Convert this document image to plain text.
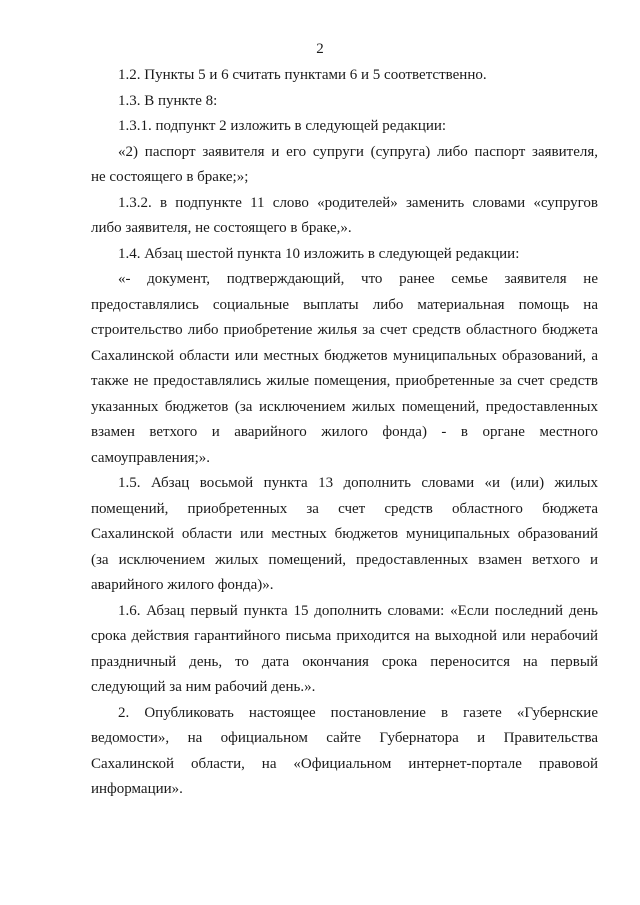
2
1.2. Пункты 5 и 6 считать пунктами 6 и 5 соответственно.
1.3. В пункте 8:
1.3.1. подпункт 2 изложить в следующей редакции:
«2) паспорт заявителя и его супруги (супруга) либо паспорт заявителя,
не состоящего в браке;»;
1.3.2. в подпункте 11 слово «родителей» заменить словами «супругов
либо заявителя, не состоящего в браке,».
1.4. Абзац шестой пункта 10 изложить в следующей редакции:
«- документ, подтверждающий, что ранее семье заявителя не
предоставлялись социальные выплаты либо материальная помощь на
строительство либо приобретение жилья за счет средств областного бюджета
Сахалинской области или местных бюджетов муниципальных образований, а
также не предоставлялись жилые помещения, приобретенные за счет средств
указанных бюджетов (за исключением жилых помещений, предоставленных
взамен ветхого и аварийного жилого фонда) - в органе местного
самоуправления;».
1.5. Абзац восьмой пункта 13 дополнить словами «и (или) жилых
помещений, приобретенных за счет средств областного бюджета
Сахалинской области или местных бюджетов муниципальных образований
(за исключением жилых помещений, предоставленных взамен ветхого и
аварийного жилого фонда)».
1.6. Абзац первый пункта 15 дополнить словами: «Если последний день
срока действия гарантийного письма приходится на выходной или нерабочий
праздничный день, то дата окончания срока переносится на первый
следующий за ним рабочий день.».
2. Опубликовать настоящее постановление в газете «Губернские
ведомости», на официальном сайте Губернатора и Правительства
Сахалинской области, на «Официальном интернет-портале правовой
информации».
